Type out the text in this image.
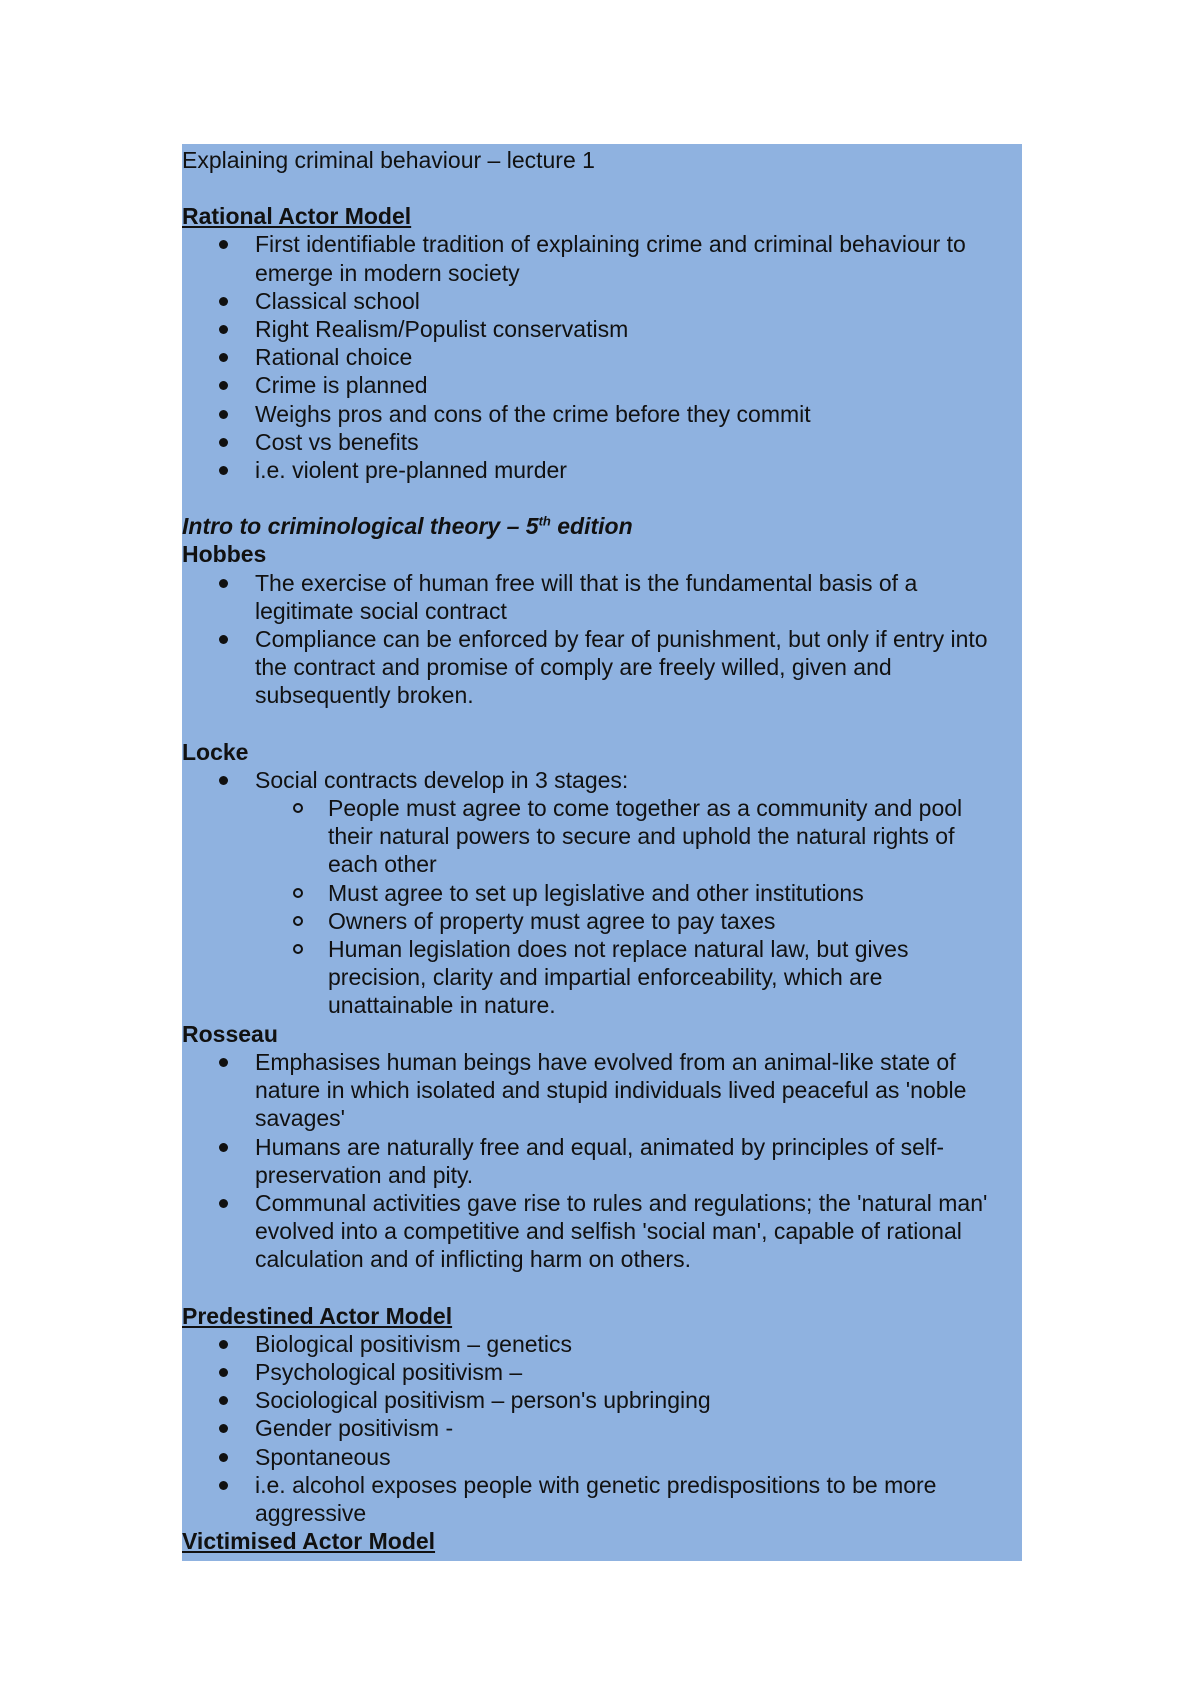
Explaining criminal behaviour – lecture 1

Rational Actor Model

First identifiable tradition of explaining crime and criminal behaviour to emerge in modern society
Classical school
Right Realism/Populist conservatism
Rational choice
Crime is planned
Weighs pros and cons of the crime before they commit
Cost vs benefits
i.e. violent pre-planned murder

Intro to criminological theory – 5th edition

Hobbes

The exercise of human free will that is the fundamental basis of a legitimate social contract
Compliance can be enforced by fear of punishment, but only if entry into the contract and promise of comply are freely willed, given and subsequently broken.

Locke

Social contracts develop in 3 stages:
People must agree to come together as a community and pool their natural powers to secure and uphold the natural rights of each other
Must agree to set up legislative and other institutions
Owners of property must agree to pay taxes
Human legislation does not replace natural law, but gives precision, clarity and impartial enforceability, which are unattainable in nature.

Rosseau

Emphasises human beings have evolved from an animal-like state of nature in which isolated and stupid individuals lived peaceful as 'noble savages'
Humans are naturally free and equal, animated by principles of self-preservation and pity.
Communal activities gave rise to rules and regulations; the 'natural man' evolved into a competitive and selfish 'social man', capable of rational calculation and of inflicting harm on others.

Predestined Actor Model

Biological positivism – genetics
Psychological positivism –
Sociological positivism – person's upbringing
Gender positivism -
Spontaneous
i.e. alcohol exposes people with genetic predispositions to be more aggressive

Victimised Actor Model
